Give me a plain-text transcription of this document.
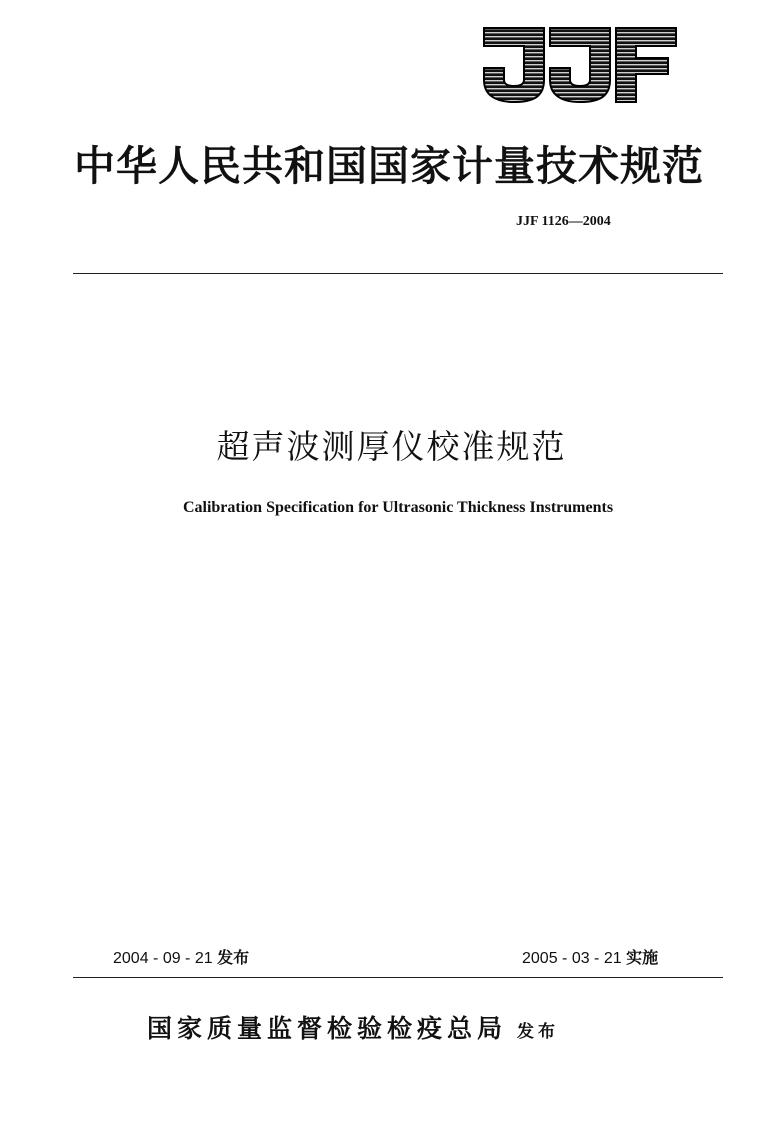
中华人民共和国国家计量技术规范
JJF 1126—2004
超声波测厚仪校准规范
Calibration Specification for Ultrasonic Thickness Instruments
2004 - 09 - 21 发布	2005 - 03 - 21 实施
国家质量监督检验检疫总局 发布
